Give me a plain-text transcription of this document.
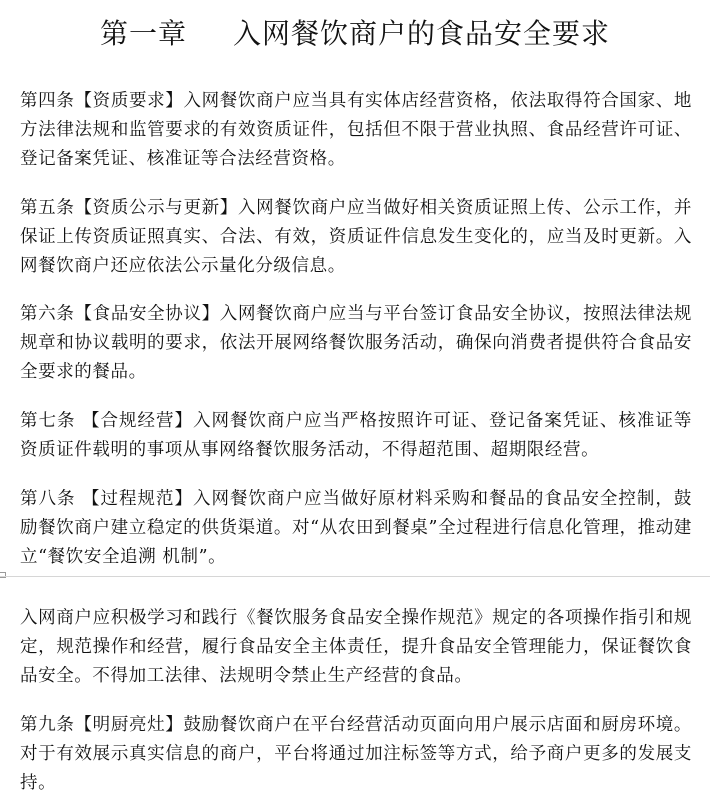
第一章 入网餐饮商户的食品安全要求

第四条【资质要求】入网餐饮商户应当具有实体店经营资格，依法取得符合国家、地方法律法规和监管要求的有效资质证件，包括但不限于营业执照、食品经营许可证、登记备案凭证、核准证等合法经营资格。

第五条【资质公示与更新】入网餐饮商户应当做好相关资质证照上传、公示工作，并保证上传资质证照真实、合法、有效，资质证件信息发生变化的，应当及时更新。入网餐饮商户还应依法公示量化分级信息。

第六条【食品安全协议】入网餐饮商户应当与平台签订食品安全协议，按照法律法规规章和协议载明的要求，依法开展网络餐饮服务活动，确保向消费者提供符合食品安全要求的餐品。

第七条 【合规经营】入网餐饮商户应当严格按照许可证、登记备案凭证、核准证等资质证件载明的事项从事网络餐饮服务活动，不得超范围、超期限经营。

第八条 【过程规范】入网餐饮商户应当做好原材料采购和餐品的食品安全控制，鼓励餐饮商户建立稳定的供货渠道。对“从农田到餐桌”全过程进行信息化管理，推动建立“餐饮安全追溯 机制”。

入网商户应积极学习和践行《餐饮服务食品安全操作规范》规定的各项操作指引和规定，规范操作和经营，履行食品安全主体责任，提升食品安全管理能力，保证餐饮食品安全。不得加工法律、法规明令禁止生产经营的食品。

第九条【明厨亮灶】鼓励餐饮商户在平台经营活动页面向用户展示店面和厨房环境。对于有效展示真实信息的商户，平台将通过加注标签等方式，给予商户更多的发展支持。
